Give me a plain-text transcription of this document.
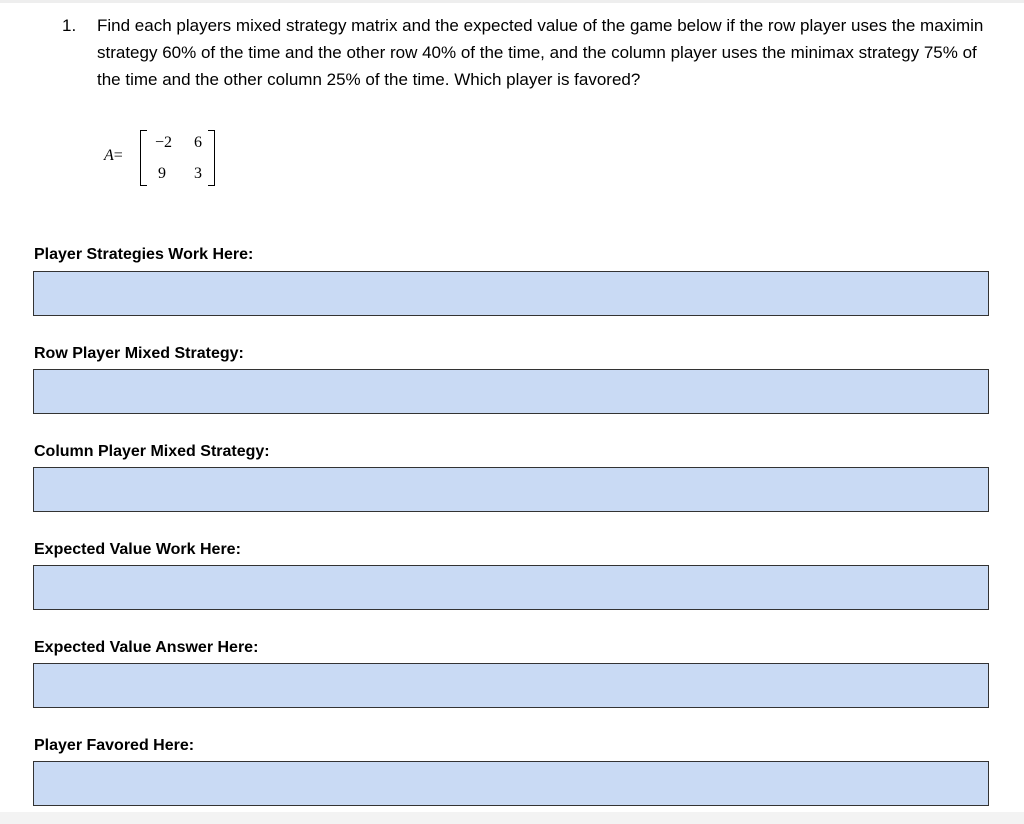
1. Find each players mixed strategy matrix and the expected value of the game below if the row player uses the maximin strategy 60% of the time and the other row 40% of the time, and the column player uses the minimax strategy 75% of the time and the other column 25% of the time. Which player is favored?
A=
−2	6
9	3
Player Strategies Work Here:
Row Player Mixed Strategy:
Column Player Mixed Strategy:
Expected Value Work Here:
Expected Value Answer Here:
Player Favored Here:
